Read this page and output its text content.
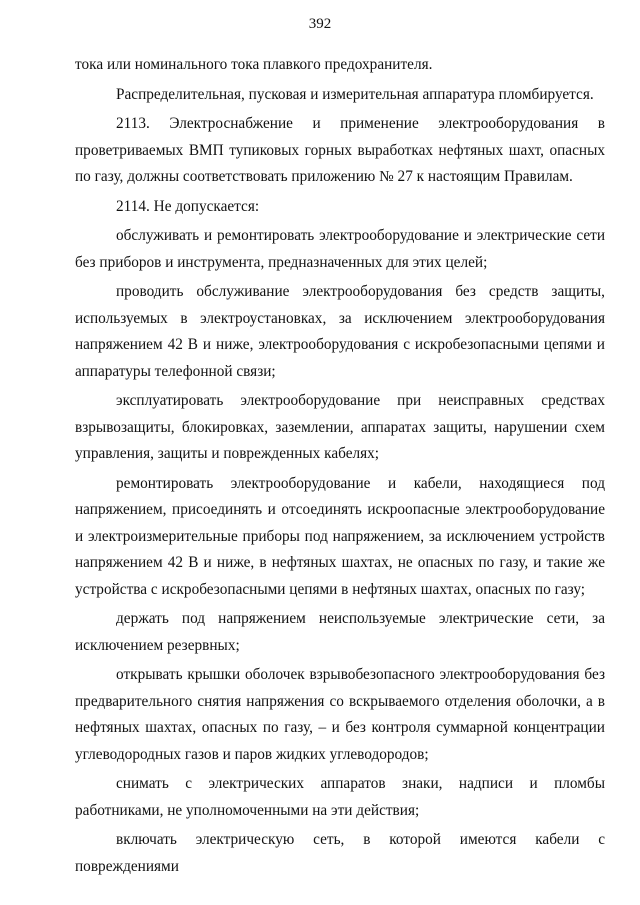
392

тока или номинального тока плавкого предохранителя.

Распределительная, пусковая и измерительная аппаратура пломбируется.

2113. Электроснабжение и применение электрооборудования в проветриваемых ВМП тупиковых горных выработках нефтяных шахт, опасных по газу, должны соответствовать приложению № 27 к настоящим Правилам.

2114. Не допускается:

обслуживать и ремонтировать электрооборудование и электрические сети без приборов и инструмента, предназначенных для этих целей;

проводить обслуживание электрооборудования без средств защиты, используемых в электроустановках, за исключением электрооборудования напряжением 42 В и ниже, электрооборудования с искробезопасными цепями и аппаратуры телефонной связи;

эксплуатировать электрооборудование при неисправных средствах взрывозащиты, блокировках, заземлении, аппаратах защиты, нарушении схем управления, защиты и поврежденных кабелях;

ремонтировать электрооборудование и кабели, находящиеся под напряжением, присоединять и отсоединять искроопасные электрооборудование и электроизмерительные приборы под напряжением, за исключением устройств напряжением 42 В и ниже, в нефтяных шахтах, не опасных по газу, и такие же устройства с искробезопасными цепями в нефтяных шахтах, опасных по газу;

держать под напряжением неиспользуемые электрические сети, за исключением резервных;

открывать крышки оболочек взрывобезопасного электрооборудования без предварительного снятия напряжения со вскрываемого отделения оболочки, а в нефтяных шахтах, опасных по газу, – и без контроля суммарной концентрации углеводородных газов и паров жидких углеводородов;

снимать с электрических аппаратов знаки, надписи и пломбы работниками, не уполномоченными на эти действия;

включать электрическую сеть, в которой имеются кабели с повреждениями
